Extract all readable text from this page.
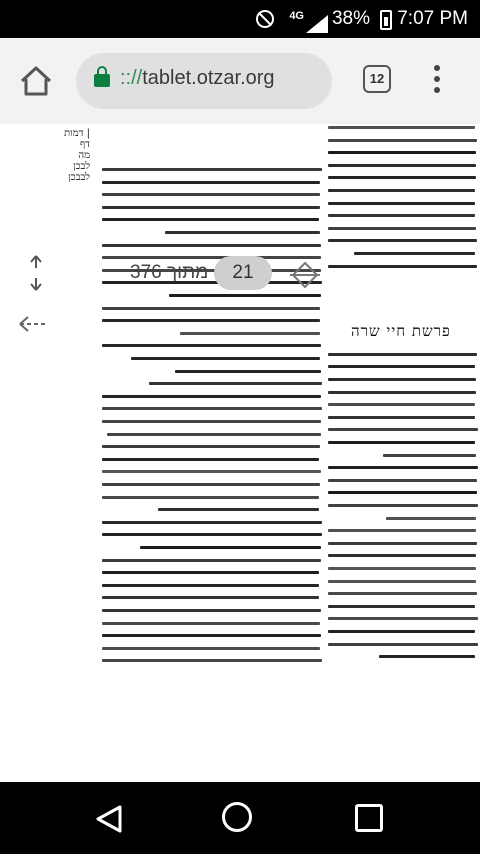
4G 38% 7:07 PM
:://tablet.otzar.org	12
| דמות
דף
מה
לבכן
לבבכן
פרשת חיי שרה
מתוך 376	21
